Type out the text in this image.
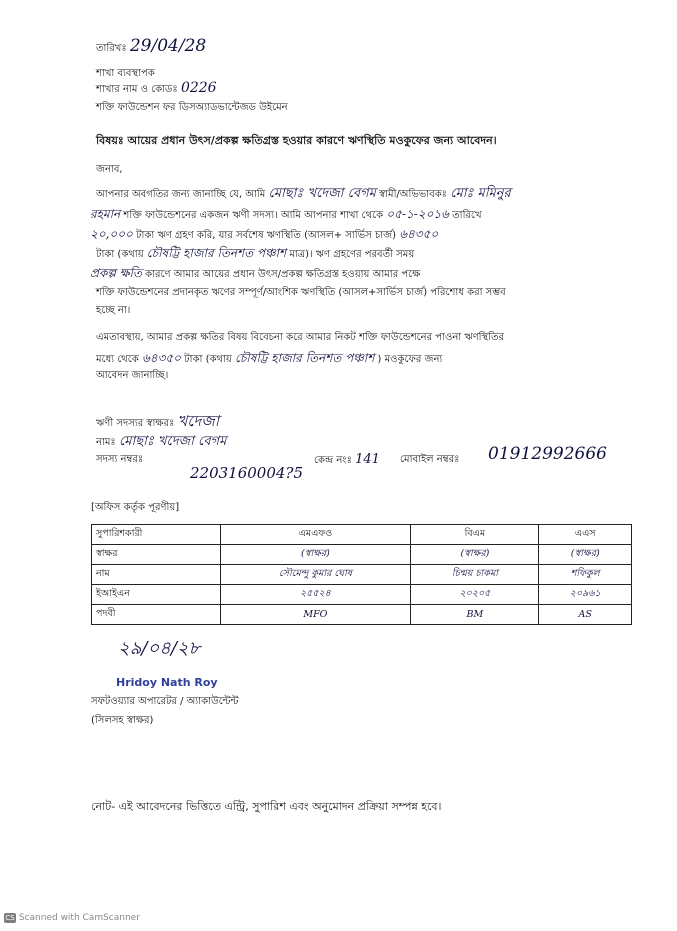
তারিখঃ 29/04/28
শাখা ব্যবস্থাপক
শাখার নাম ও কোডঃ 0226
শক্তি ফাউন্ডেশন ফর ডিসঅ্যাডভান্টেজড উইমেন
বিষয়ঃ আয়ের প্রধান উৎস/প্রকল্প ক্ষতিগ্রস্ত হওয়ার কারণে ঋণস্থিতি মওকুফের জন্য আবেদন।
জনাব,
আপনার অবগতির জন্য জানাচ্ছি যে, আমি মোছাঃ খদেজা বেগম স্বামী/অভিভাবকঃ মোঃ মমিনুর
রহমান শক্তি ফাউন্ডেশনের একজন ঋণী সদস্য। আমি আপনার শাখা থেকে ০৫-১-২০১৬ তারিখে
২০,০০০ টাকা ঋণ গ্রহণ করি, যার সর্বশেষ ঋণস্থিতি (আসল+ সার্ভিস চার্জ) ৬৪৩৫০
টাকা (কথায় চৌষট্টি হাজার তিনশত পঞ্চাশ মাত্র)। ঋণ গ্রহণের পরবর্তী সময়
প্রকল্প ক্ষতি কারণে আমার আয়ের প্রধান উৎস/প্রকল্প ক্ষতিগ্রস্ত হওয়ায় আমার পক্ষে
শক্তি ফাউন্ডেশনের প্রদানকৃত ঋণের সম্পূর্ণ/আংশিক ঋণস্থিতি (আসল+সার্ভিস চার্জ) পরিশোধ করা সম্ভব
হচ্ছে না।
এমতাবস্থায়, আমার প্রকল্প ক্ষতির বিষয় বিবেচনা করে আমার নিকট শক্তি ফাউন্ডেশনের পাওনা ঋণস্থিতির
মধ্যে থেকে ৬৪৩৫০ টাকা (কথায় চৌষট্টি হাজার তিনশত পঞ্চাশ ) মওকুফের জন্য
আবেদন জানাচ্ছি।
ঋণী সদস্যর স্বাক্ষরঃ খদেজা
নামঃ মোছাঃ খদেজা বেগম
সদস্য নম্বরঃ
2203160004?5
কেন্দ্র নংঃ 141 মোবাইল নম্বরঃ 01912992666
[অফিস কর্তৃক পূরণীয়]
সুপারিশকারী	এমএফও	বিএম	এএস
স্বাক্ষর	(স্বাক্ষর)	(স্বাক্ষর)	(স্বাক্ষর)
নাম	সৌমেন্দু কুমার ঘোষ	চিন্ময় চাকমা	শফিকুল
ইআইএন	২৫৫২৪	২০২০৫	২০৯৬১
পদবী	MFO	BM	AS
২৯/০৪/২৮
Hridoy Nath Roy
সফটওয়্যার অপারেটর / অ্যাকাউন্টেন্ট
(সিলসহ স্বাক্ষর)
নোট- এই আবেদনের ভিত্তিতে এন্ট্রি, সুপারিশ এবং অনুমোদন প্রক্রিয়া সম্পন্ন হবে।
CS Scanned with CamScanner
